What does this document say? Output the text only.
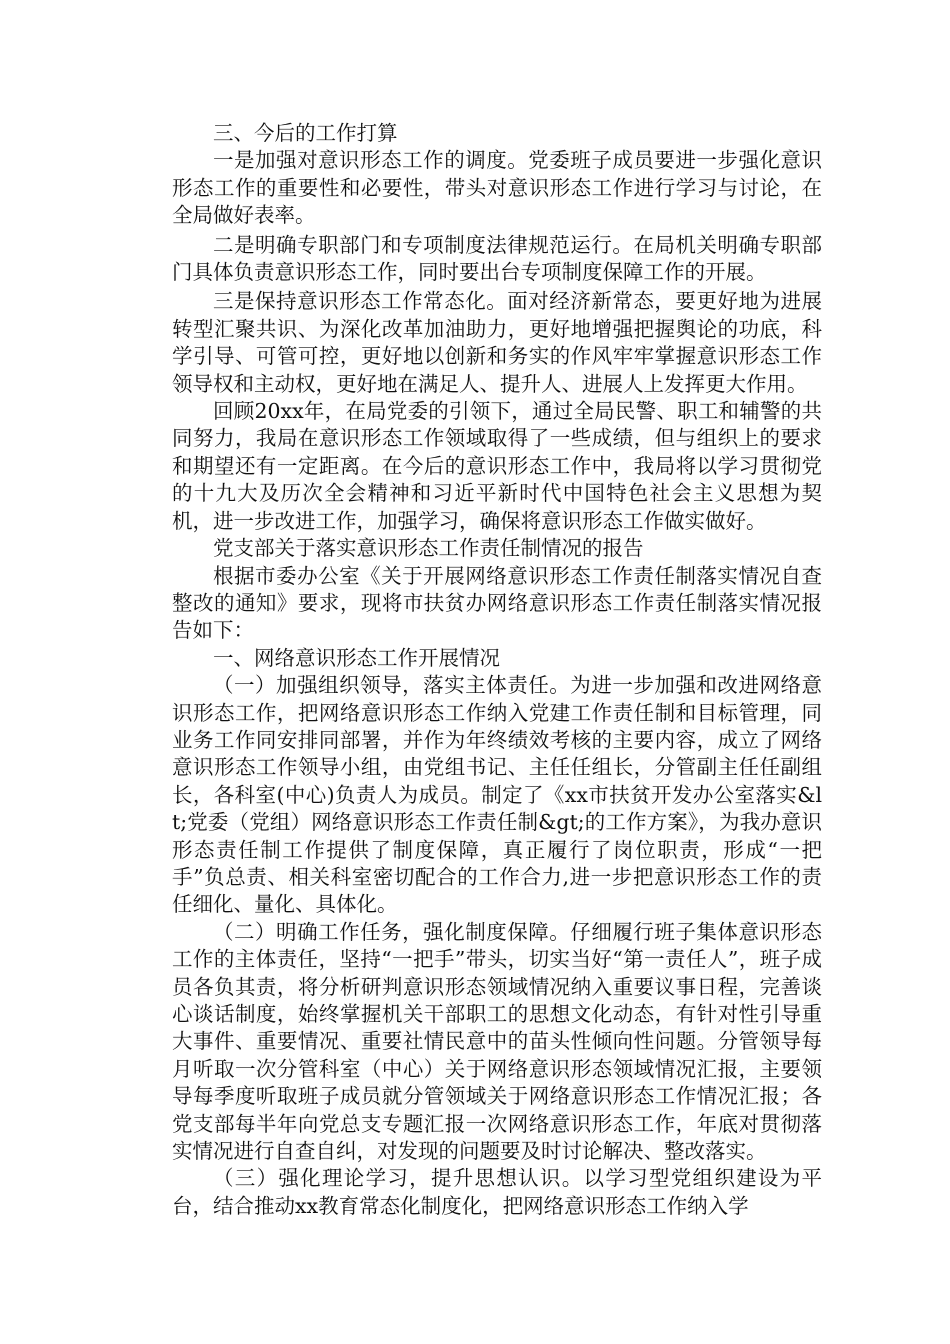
三、今后的工作打算

一是加强对意识形态工作的调度。党委班子成员要进一步强化意识形态工作的重要性和必要性，带头对意识形态工作进行学习与讨论，在全局做好表率。

二是明确专职部门和专项制度法律规范运行。在局机关明确专职部门具体负责意识形态工作，同时要出台专项制度保障工作的开展。

三是保持意识形态工作常态化。面对经济新常态，要更好地为进展转型汇聚共识、为深化改革加油助力，更好地增强把握舆论的功底，科学引导、可管可控，更好地以创新和务实的作风牢牢掌握意识形态工作领导权和主动权，更好地在满足人、提升人、进展人上发挥更大作用。

回顾20xx年，在局党委的引领下，通过全局民警、职工和辅警的共同努力，我局在意识形态工作领域取得了一些成绩，但与组织上的要求和期望还有一定距离。在今后的意识形态工作中，我局将以学习贯彻党的十九大及历次全会精神和习近平新时代中国特色社会主义思想为契机，进一步改进工作，加强学习，确保将意识形态工作做实做好。

党支部关于落实意识形态工作责任制情况的报告

根据市委办公室《关于开展网络意识形态工作责任制落实情况自查整改的通知》要求，现将市扶贫办网络意识形态工作责任制落实情况报告如下：

一、网络意识形态工作开展情况

（一）加强组织领导，落实主体责任。为进一步加强和改进网络意识形态工作，把网络意识形态工作纳入党建工作责任制和目标管理，同业务工作同安排同部署，并作为年终绩效考核的主要内容，成立了网络意识形态工作领导小组，由党组书记、主任任组长，分管副主任任副组长，各科室(中心)负责人为成员。制定了《xx市扶贫开发办公室落实&lt;党委（党组）网络意识形态工作责任制&gt;的工作方案》，为我办意识形态责任制工作提供了制度保障，真正履行了岗位职责，形成“一把手”负总责、相关科室密切配合的工作合力,进一步把意识形态工作的责任细化、量化、具体化。

（二）明确工作任务，强化制度保障。仔细履行班子集体意识形态工作的主体责任，坚持“一把手”带头，切实当好“第一责任人”，班子成员各负其责，将分析研判意识形态领域情况纳入重要议事日程，完善谈心谈话制度，始终掌握机关干部职工的思想文化动态，有针对性引导重大事件、重要情况、重要社情民意中的苗头性倾向性问题。分管领导每月听取一次分管科室（中心）关于网络意识形态领域情况汇报，主要领导每季度听取班子成员就分管领域关于网络意识形态工作情况汇报；各党支部每半年向党总支专题汇报一次网络意识形态工作，年底对贯彻落实情况进行自查自纠，对发现的问题要及时讨论解决、整改落实。

（三）强化理论学习，提升思想认识。以学习型党组织建设为平台，结合推动xx教育常态化制度化，把网络意识形态工作纳入学
